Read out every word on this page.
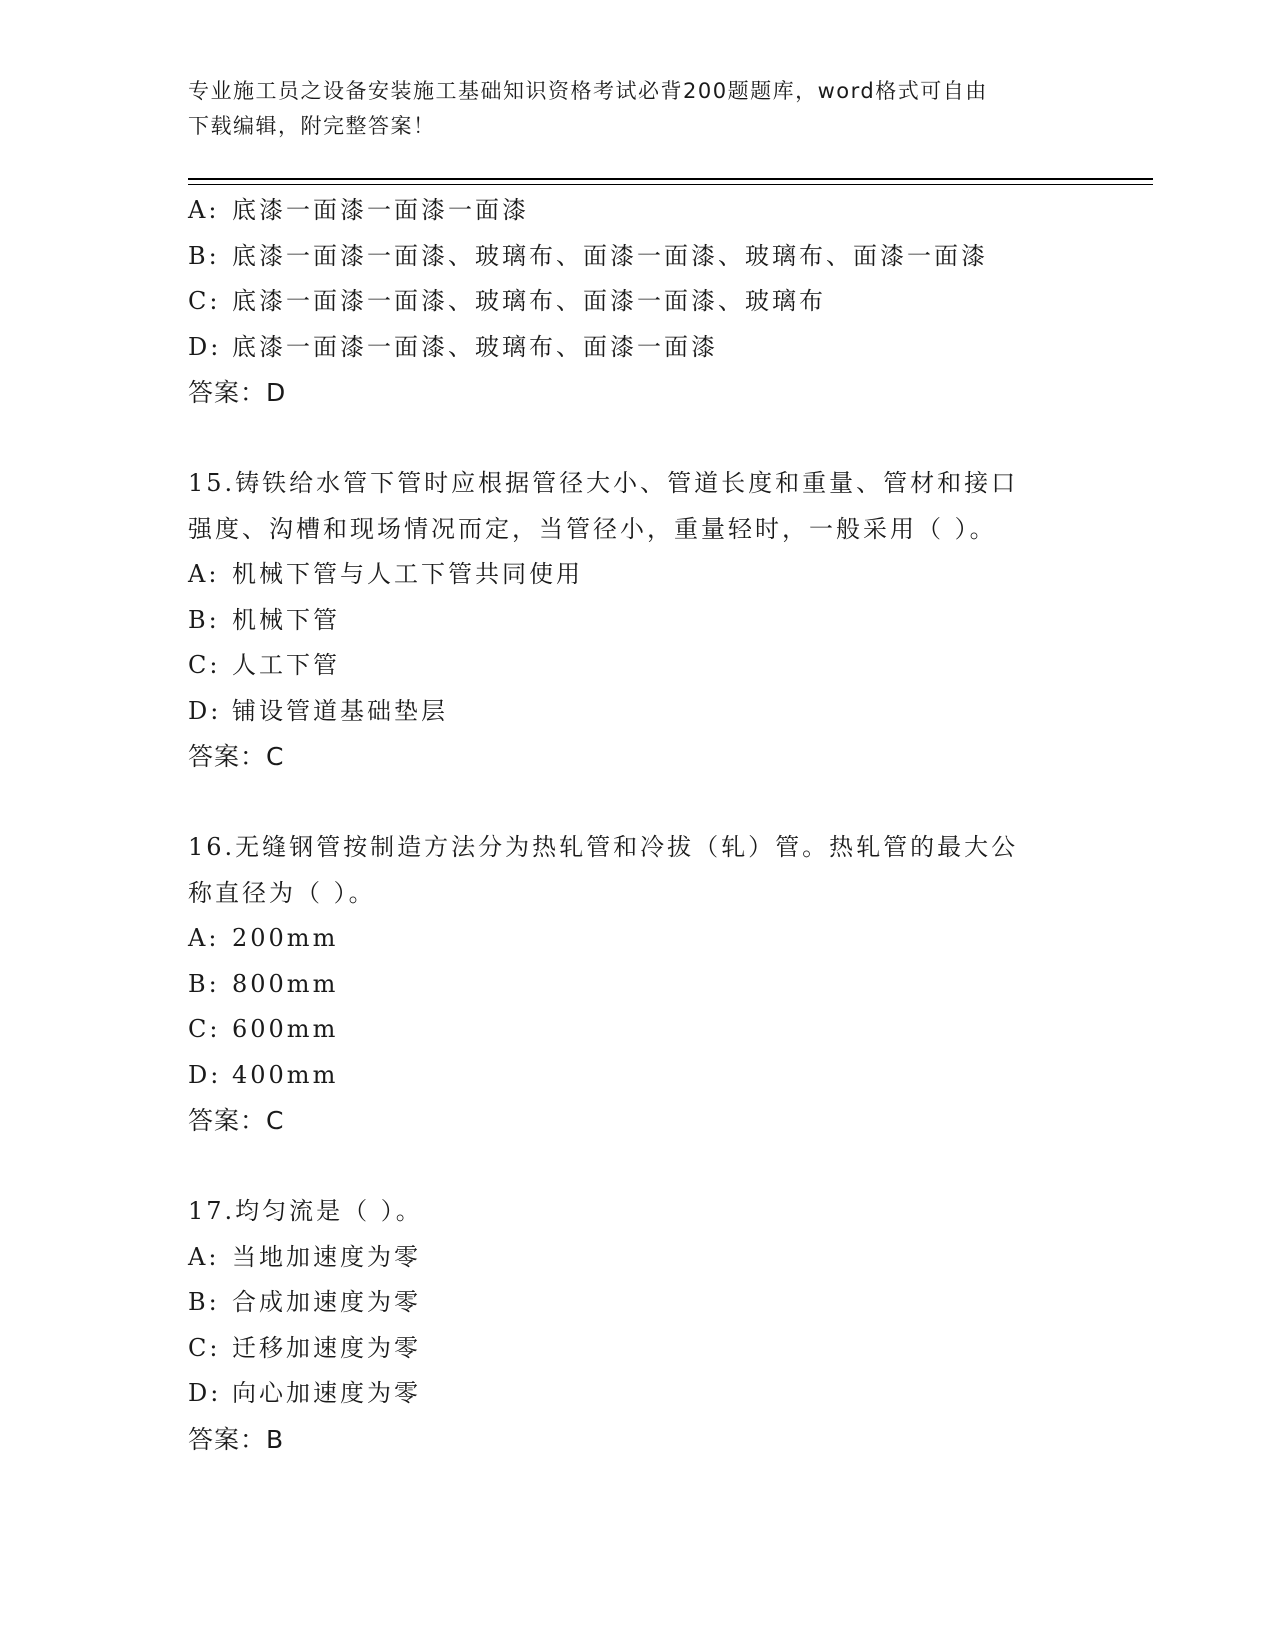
专业施工员之设备安装施工基础知识资格考试必背200题题库，word格式可自由
下载编辑，附完整答案！
A: 底漆一面漆一面漆一面漆
B: 底漆一面漆一面漆、玻璃布、面漆一面漆、玻璃布、面漆一面漆
C: 底漆一面漆一面漆、玻璃布、面漆一面漆、玻璃布
D: 底漆一面漆一面漆、玻璃布、面漆一面漆
答案：D
15.铸铁给水管下管时应根据管径大小、管道长度和重量、管材和接口
强度、沟槽和现场情况而定，当管径小，重量轻时，一般采用（ ）。
A: 机械下管与人工下管共同使用
B: 机械下管
C: 人工下管
D: 铺设管道基础垫层
答案：C
16.无缝钢管按制造方法分为热轧管和冷拔（轧）管。热轧管的最大公
称直径为（ ）。
A: 200mm
B: 800mm
C: 600mm
D: 400mm
答案：C
17.均匀流是（ ）。
A: 当地加速度为零
B: 合成加速度为零
C: 迁移加速度为零
D: 向心加速度为零
答案：B
